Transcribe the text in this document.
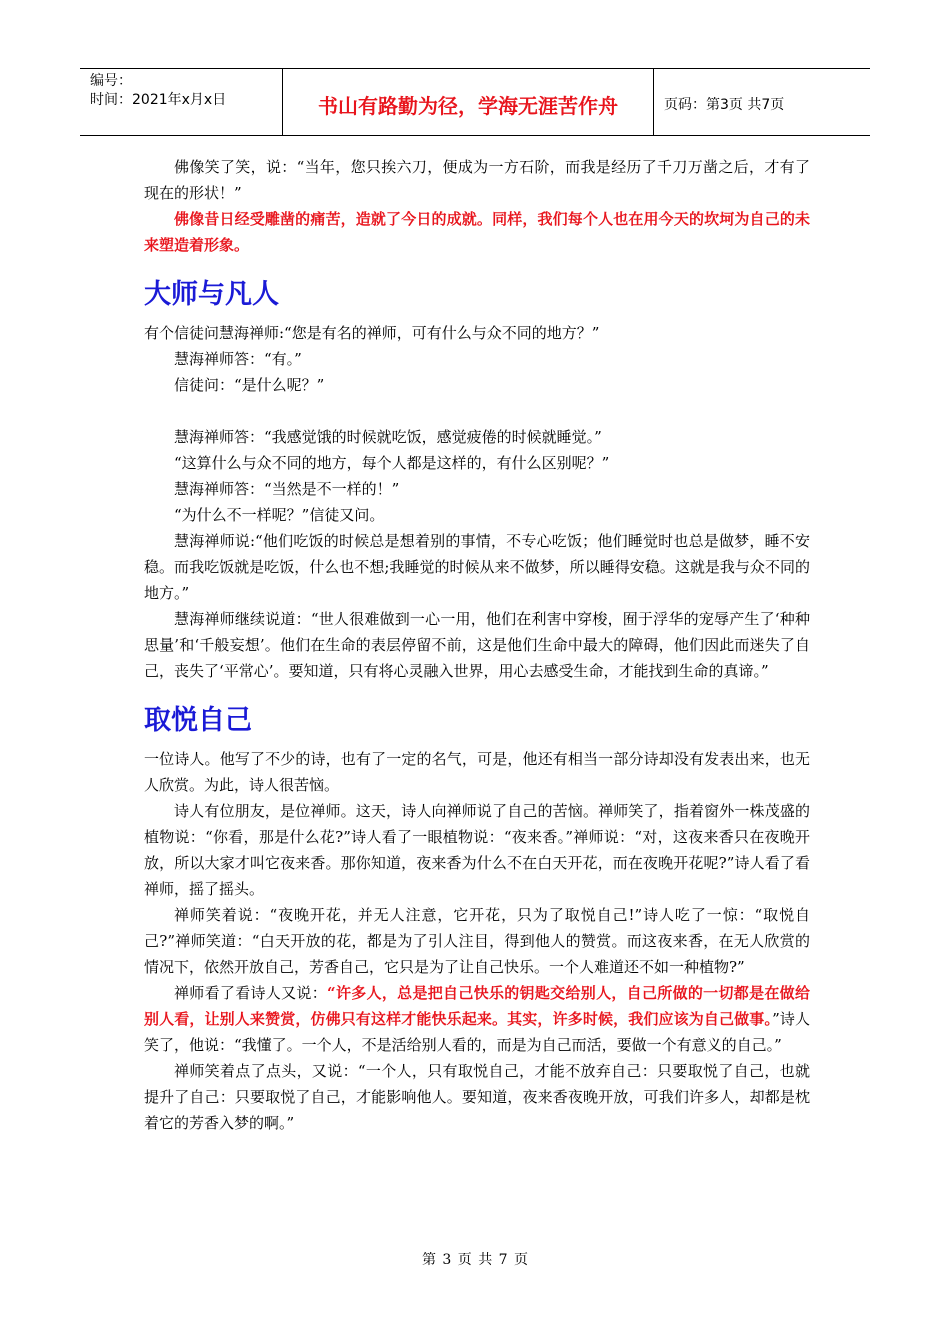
编号：
时间：2021年x月x日	书山有路勤为径，学海无涯苦作舟	页码：第3页 共7页

佛像笑了笑，说：“当年，您只挨六刀，便成为一方石阶，而我是经历了千刀万凿之后，才有了现在的形状！”

佛像昔日经受雕凿的痛苦，造就了今日的成就。同样，我们每个人也在用今天的坎坷为自己的未来塑造着形象。

大师与凡人

有个信徒问慧海禅师:“您是有名的禅师，可有什么与众不同的地方？”

慧海禅师答：“有。”

信徒问：“是什么呢？”

慧海禅师答：“我感觉饿的时候就吃饭，感觉疲倦的时候就睡觉。”

“这算什么与众不同的地方，每个人都是这样的，有什么区别呢？”

慧海禅师答：“当然是不一样的！”

“为什么不一样呢？”信徒又问。

慧海禅师说:“他们吃饭的时候总是想着别的事情，不专心吃饭；他们睡觉时也总是做梦，睡不安稳。而我吃饭就是吃饭，什么也不想;我睡觉的时候从来不做梦，所以睡得安稳。这就是我与众不同的地方。”

慧海禅师继续说道：“世人很难做到一心一用，他们在利害中穿梭，囿于浮华的宠辱产生了‘种种思量’和‘千般妄想’。他们在生命的表层停留不前，这是他们生命中最大的障碍，他们因此而迷失了自己，丧失了‘平常心’。要知道，只有将心灵融入世界，用心去感受生命，才能找到生命的真谛。”

取悦自己

一位诗人。他写了不少的诗，也有了一定的名气，可是，他还有相当一部分诗却没有发表出来，也无人欣赏。为此，诗人很苦恼。

诗人有位朋友，是位禅师。这天，诗人向禅师说了自己的苦恼。禅师笑了，指着窗外一株茂盛的植物说：“你看，那是什么花?”诗人看了一眼植物说：“夜来香。”禅师说：“对，这夜来香只在夜晚开放，所以大家才叫它夜来香。那你知道，夜来香为什么不在白天开花，而在夜晚开花呢?”诗人看了看禅师，摇了摇头。

禅师笑着说：“夜晚开花，并无人注意，它开花，只为了取悦自己!”诗人吃了一惊：“取悦自己?”禅师笑道：“白天开放的花，都是为了引人注目，得到他人的赞赏。而这夜来香，在无人欣赏的情况下，依然开放自己，芳香自己，它只是为了让自己快乐。一个人难道还不如一种植物?”

禅师看了看诗人又说：“许多人，总是把自己快乐的钥匙交给别人，自己所做的一切都是在做给别人看，让别人来赞赏，仿佛只有这样才能快乐起来。其实，许多时候，我们应该为自己做事。”诗人笑了，他说：“我懂了。一个人，不是活给别人看的，而是为自己而活，要做一个有意义的自己。”

禅师笑着点了点头，又说：“一个人，只有取悦自己，才能不放弃自己：只要取悦了自己，也就提升了自己：只要取悦了自己，才能影响他人。要知道，夜来香夜晚开放，可我们许多人，却都是枕着它的芳香入梦的啊。”

第 3 页 共 7 页
